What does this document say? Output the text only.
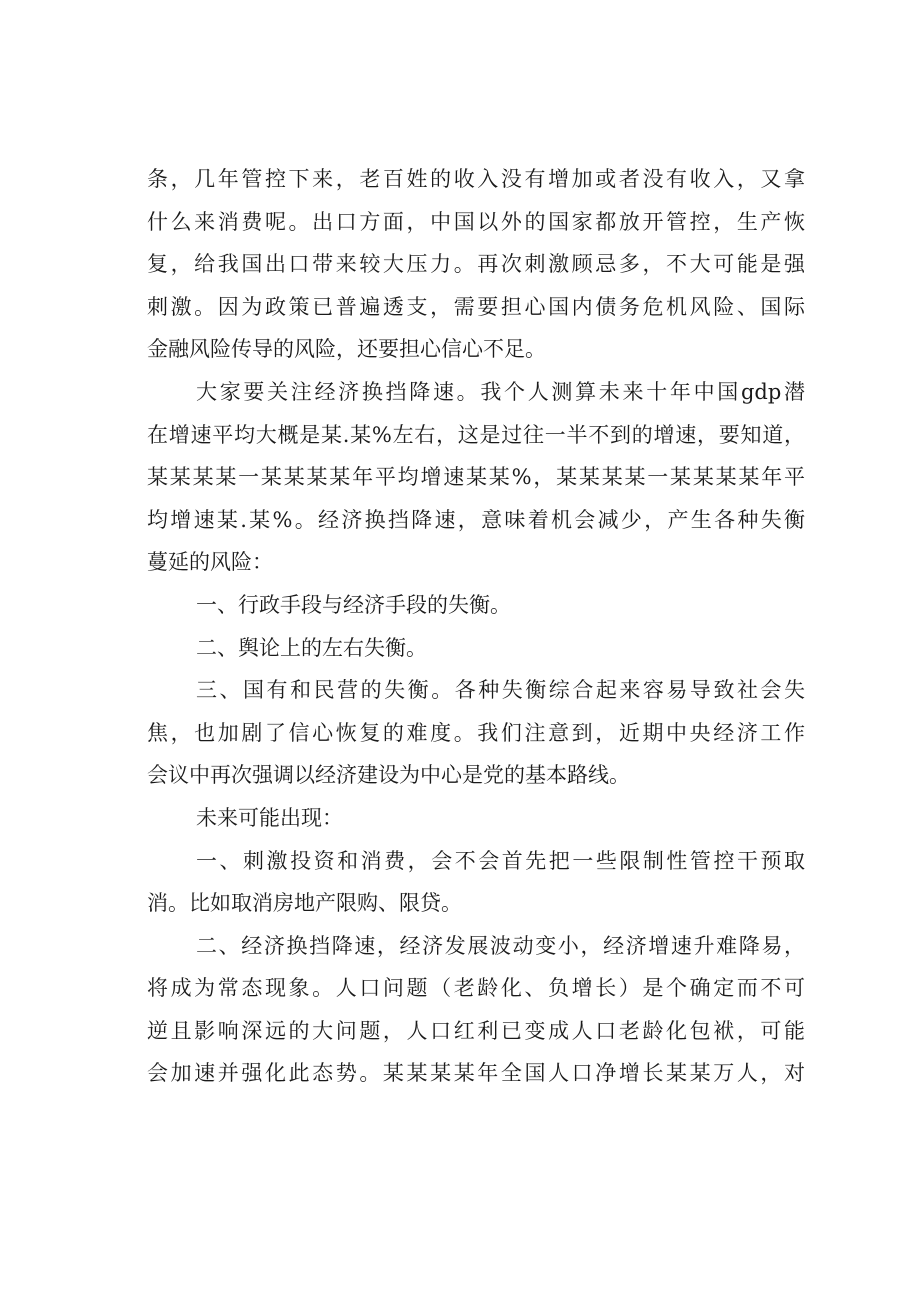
条，几年管控下来，老百姓的收入没有增加或者没有收入，又拿
什么来消费呢。出口方面，中国以外的国家都放开管控，生产恢
复，给我国出口带来较大压力。再次刺激顾忌多，不大可能是强
刺激。因为政策已普遍透支，需要担心国内债务危机风险、国际
金融风险传导的风险，还要担心信心不足。
大家要关注经济换挡降速。我个人测算未来十年中国gdp潜
在增速平均大概是某.某%左右，这是过往一半不到的增速，要知道，
某某某某一某某某某年平均增速某某%，某某某某一某某某某年平
均增速某.某%。经济换挡降速，意味着机会减少，产生各种失衡
蔓延的风险：
一、行政手段与经济手段的失衡。
二、舆论上的左右失衡。
三、国有和民营的失衡。各种失衡综合起来容易导致社会失
焦，也加剧了信心恢复的难度。我们注意到，近期中央经济工作
会议中再次强调以经济建设为中心是党的基本路线。
未来可能出现：
一、刺激投资和消费，会不会首先把一些限制性管控干预取
消。比如取消房地产限购、限贷。
二、经济换挡降速，经济发展波动变小，经济增速升难降易，
将成为常态现象。人口问题（老龄化、负增长）是个确定而不可
逆且影响深远的大问题，人口红利已变成人口老龄化包袱，可能
会加速并强化此态势。某某某某年全国人口净增长某某万人，对
